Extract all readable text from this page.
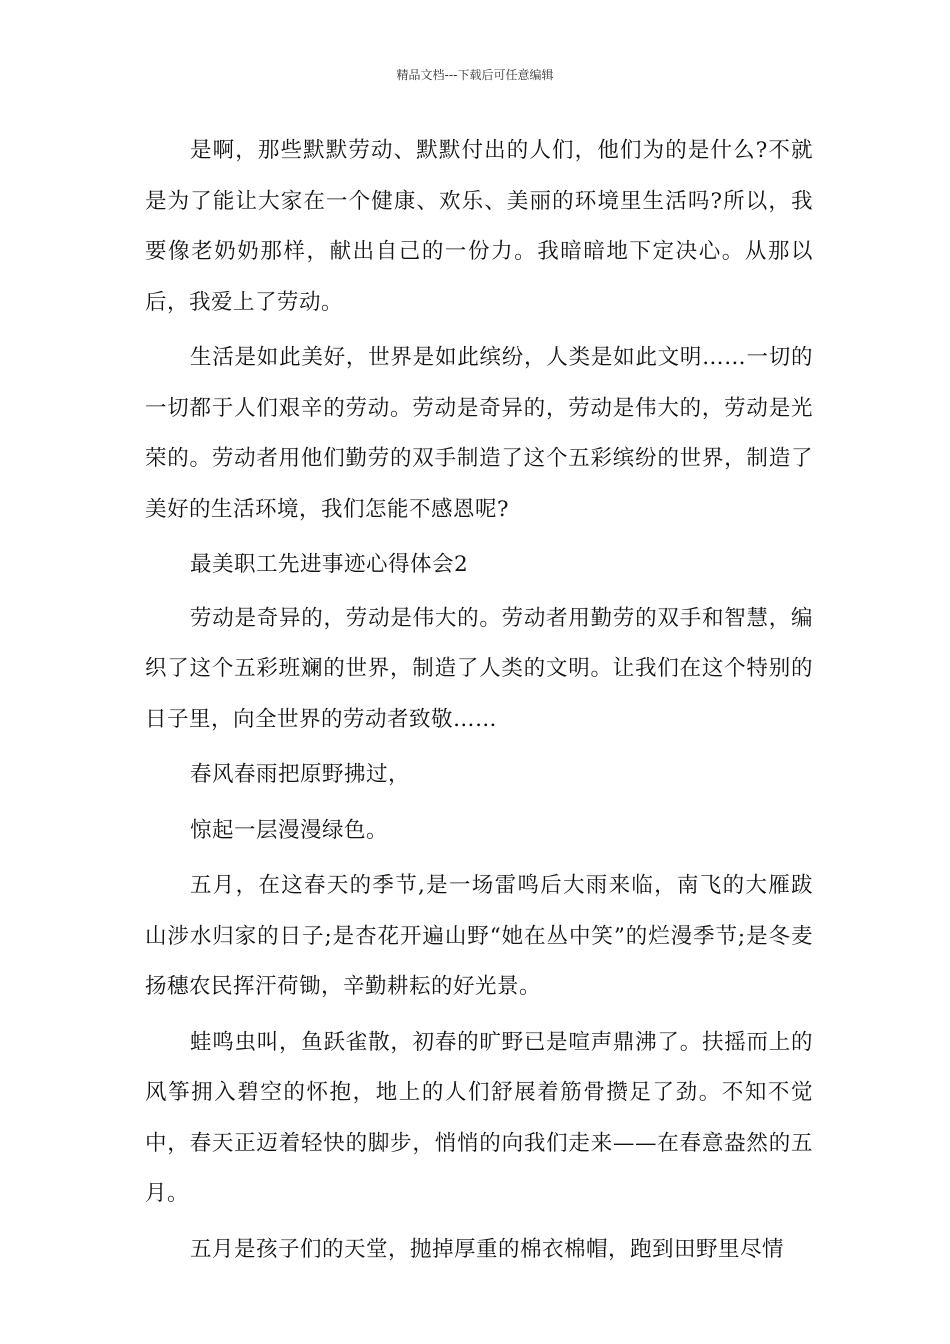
精品文档---下载后可任意编辑

是啊，那些默默劳动、默默付出的人们，他们为的是什么?不就是为了能让大家在一个健康、欢乐、美丽的环境里生活吗?所以，我要像老奶奶那样，献出自己的一份力。我暗暗地下定决心。从那以后，我爱上了劳动。

生活是如此美好，世界是如此缤纷，人类是如此文明……一切的一切都于人们艰辛的劳动。劳动是奇异的，劳动是伟大的，劳动是光荣的。劳动者用他们勤劳的双手制造了这个五彩缤纷的世界，制造了美好的生活环境，我们怎能不感恩呢?

最美职工先进事迹心得体会2

劳动是奇异的，劳动是伟大的。劳动者用勤劳的双手和智慧，编织了这个五彩班斓的世界，制造了人类的文明。让我们在这个特别的日子里，向全世界的劳动者致敬……

春风春雨把原野拂过，

惊起一层漫漫绿色。

五月，在这春天的季节,是一场雷鸣后大雨来临，南飞的大雁跋山涉水归家的日子;是杏花开遍山野“她在丛中笑”的烂漫季节;是冬麦扬穗农民挥汗荷锄，辛勤耕耘的好光景。

蛙鸣虫叫，鱼跃雀散，初春的旷野已是喧声鼎沸了。扶摇而上的风筝拥入碧空的怀抱，地上的人们舒展着筋骨攒足了劲。不知不觉中，春天正迈着轻快的脚步，悄悄的向我们走来——在春意盎然的五月。

五月是孩子们的天堂，抛掉厚重的棉衣棉帽，跑到田野里尽情
